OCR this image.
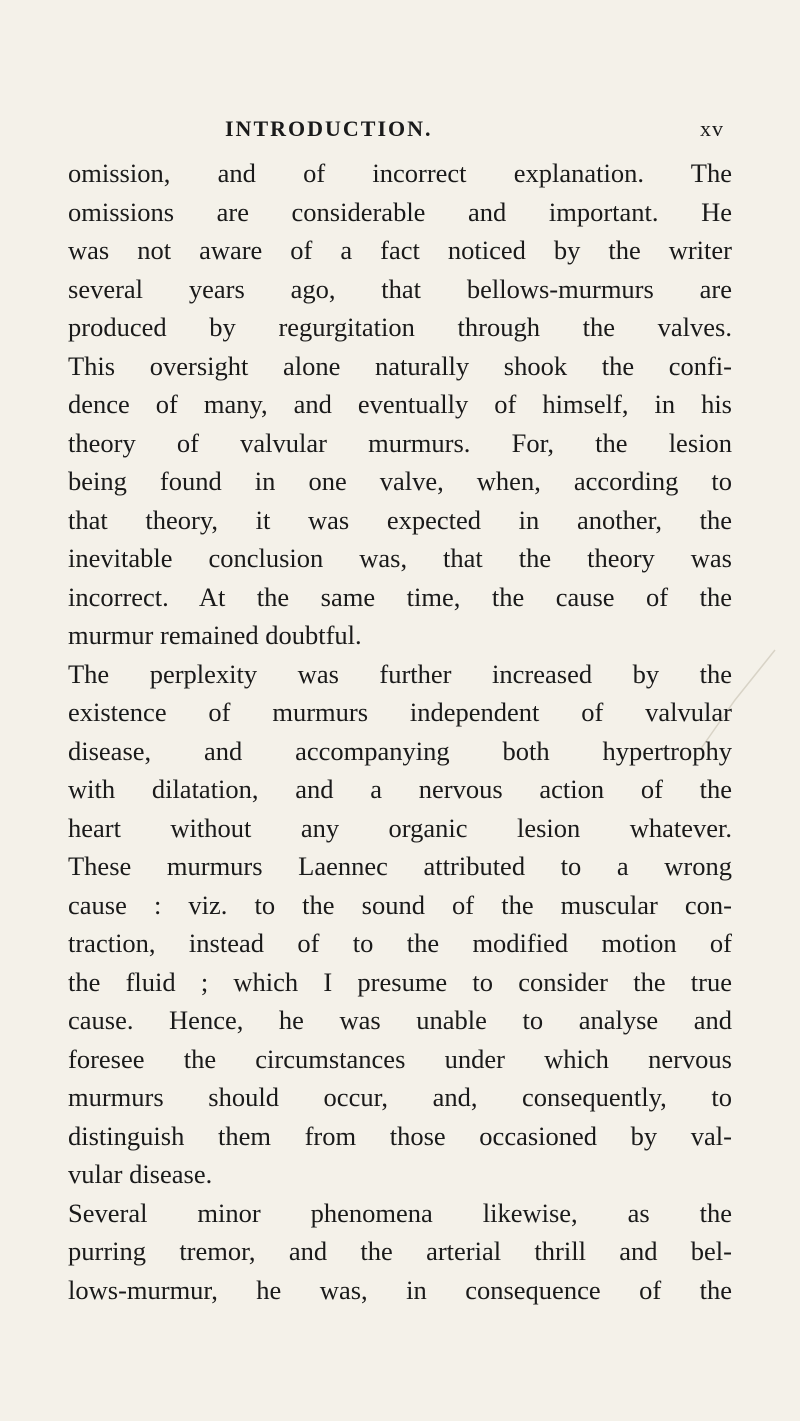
INTRODUCTION.	xv
omission, and of incorrect explanation. The
omissions are considerable and important. He
was not aware of a fact noticed by the writer
several years ago, that bellows-murmurs are
produced by regurgitation through the valves.
This oversight alone naturally shook the confi-
dence of many, and eventually of himself, in his
theory of valvular murmurs. For, the lesion
being found in one valve, when, according to
that theory, it was expected in another, the
inevitable conclusion was, that the theory was
incorrect. At the same time, the cause of the
murmur remained doubtful.
The perplexity was further increased by the
existence of murmurs independent of valvular
disease, and accompanying both hypertrophy
with dilatation, and a nervous action of the
heart without any organic lesion whatever.
These murmurs Laennec attributed to a wrong
cause : viz. to the sound of the muscular con-
traction, instead of to the modified motion of
the fluid ; which I presume to consider the true
cause. Hence, he was unable to analyse and
foresee the circumstances under which nervous
murmurs should occur, and, consequently, to
distinguish them from those occasioned by val-
vular disease.
Several minor phenomena likewise, as the
purring tremor, and the arterial thrill and bel-
lows-murmur, he was, in consequence of the
